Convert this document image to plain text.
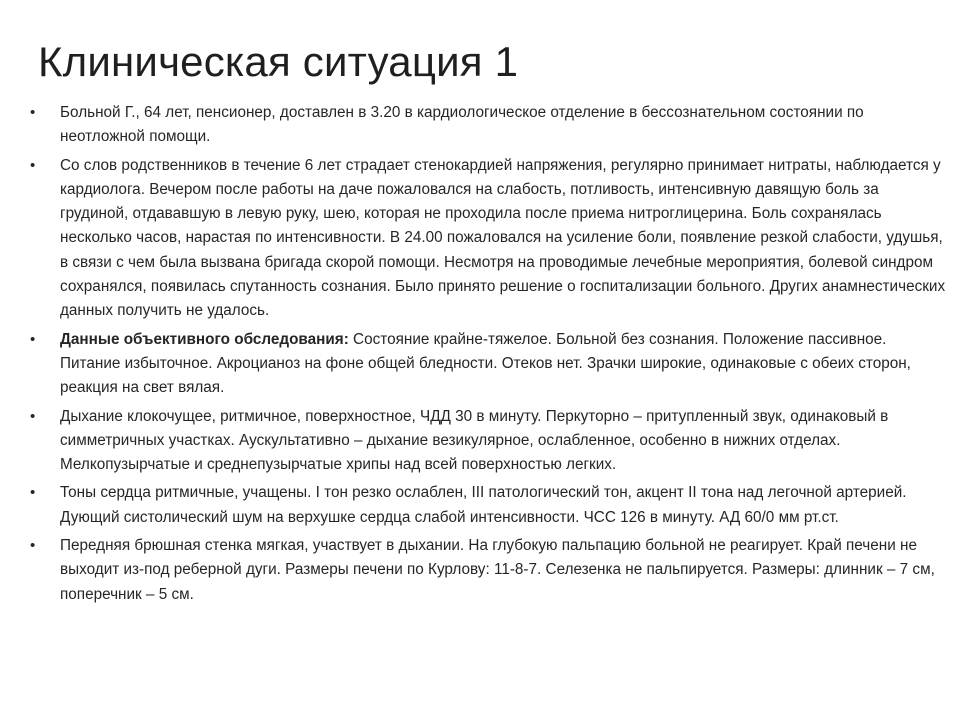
Клиническая ситуация 1
•	Больной Г., 64 лет, пенсионер, доставлен в 3.20 в кардиологическое отделение в бессознательном состоянии по неотложной помощи.
•	Со слов родственников в течение 6 лет страдает стенокардией напряжения, регулярно принимает нитраты, наблюдается у кардиолога. Вечером после работы на даче пожаловался на слабость, потливость, интенсивную давящую боль за грудиной, отдававшую в левую руку, шею, которая не проходила после приема нитроглицерина. Боль сохранялась несколько часов, нарастая по интенсивности. В 24.00 пожаловался на усиление боли, появление резкой слабости, удушья, в связи с чем была вызвана бригада скорой помощи. Несмотря на проводимые лечебные мероприятия, болевой синдром сохранялся, появилась спутанность сознания. Было принято решение о госпитализации больного. Других анамнестических данных получить не удалось.
•	Данные объективного обследования: Состояние крайне-тяжелое. Больной без сознания. Положение пассивное. Питание избыточное. Акроцианоз на фоне общей бледности. Отеков нет. Зрачки широкие, одинаковые с обеих сторон, реакция на свет вялая.
•	Дыхание клокочущее, ритмичное, поверхностное, ЧДД 30 в минуту. Перкуторно – притупленный звук, одинаковый в симметричных участках. Аускультативно – дыхание везикулярное, ослабленное, особенно в нижних отделах. Мелкопузырчатые и среднепузырчатые хрипы над всей поверхностью легких.
•	Тоны сердца ритмичные, учащены. I тон резко ослаблен, III патологический тон, акцент II тона над легочной артерией. Дующий систолический шум на верхушке сердца слабой интенсивности. ЧСС 126 в минуту. АД 60/0 мм рт.ст.
•	Передняя брюшная стенка мягкая, участвует в дыхании. На глубокую пальпацию больной не реагирует. Край печени не выходит из-под реберной дуги. Размеры печени по Курлову: 11-8-7. Селезенка не пальпируется. Размеры: длинник – 7 см, поперечник – 5 см.
